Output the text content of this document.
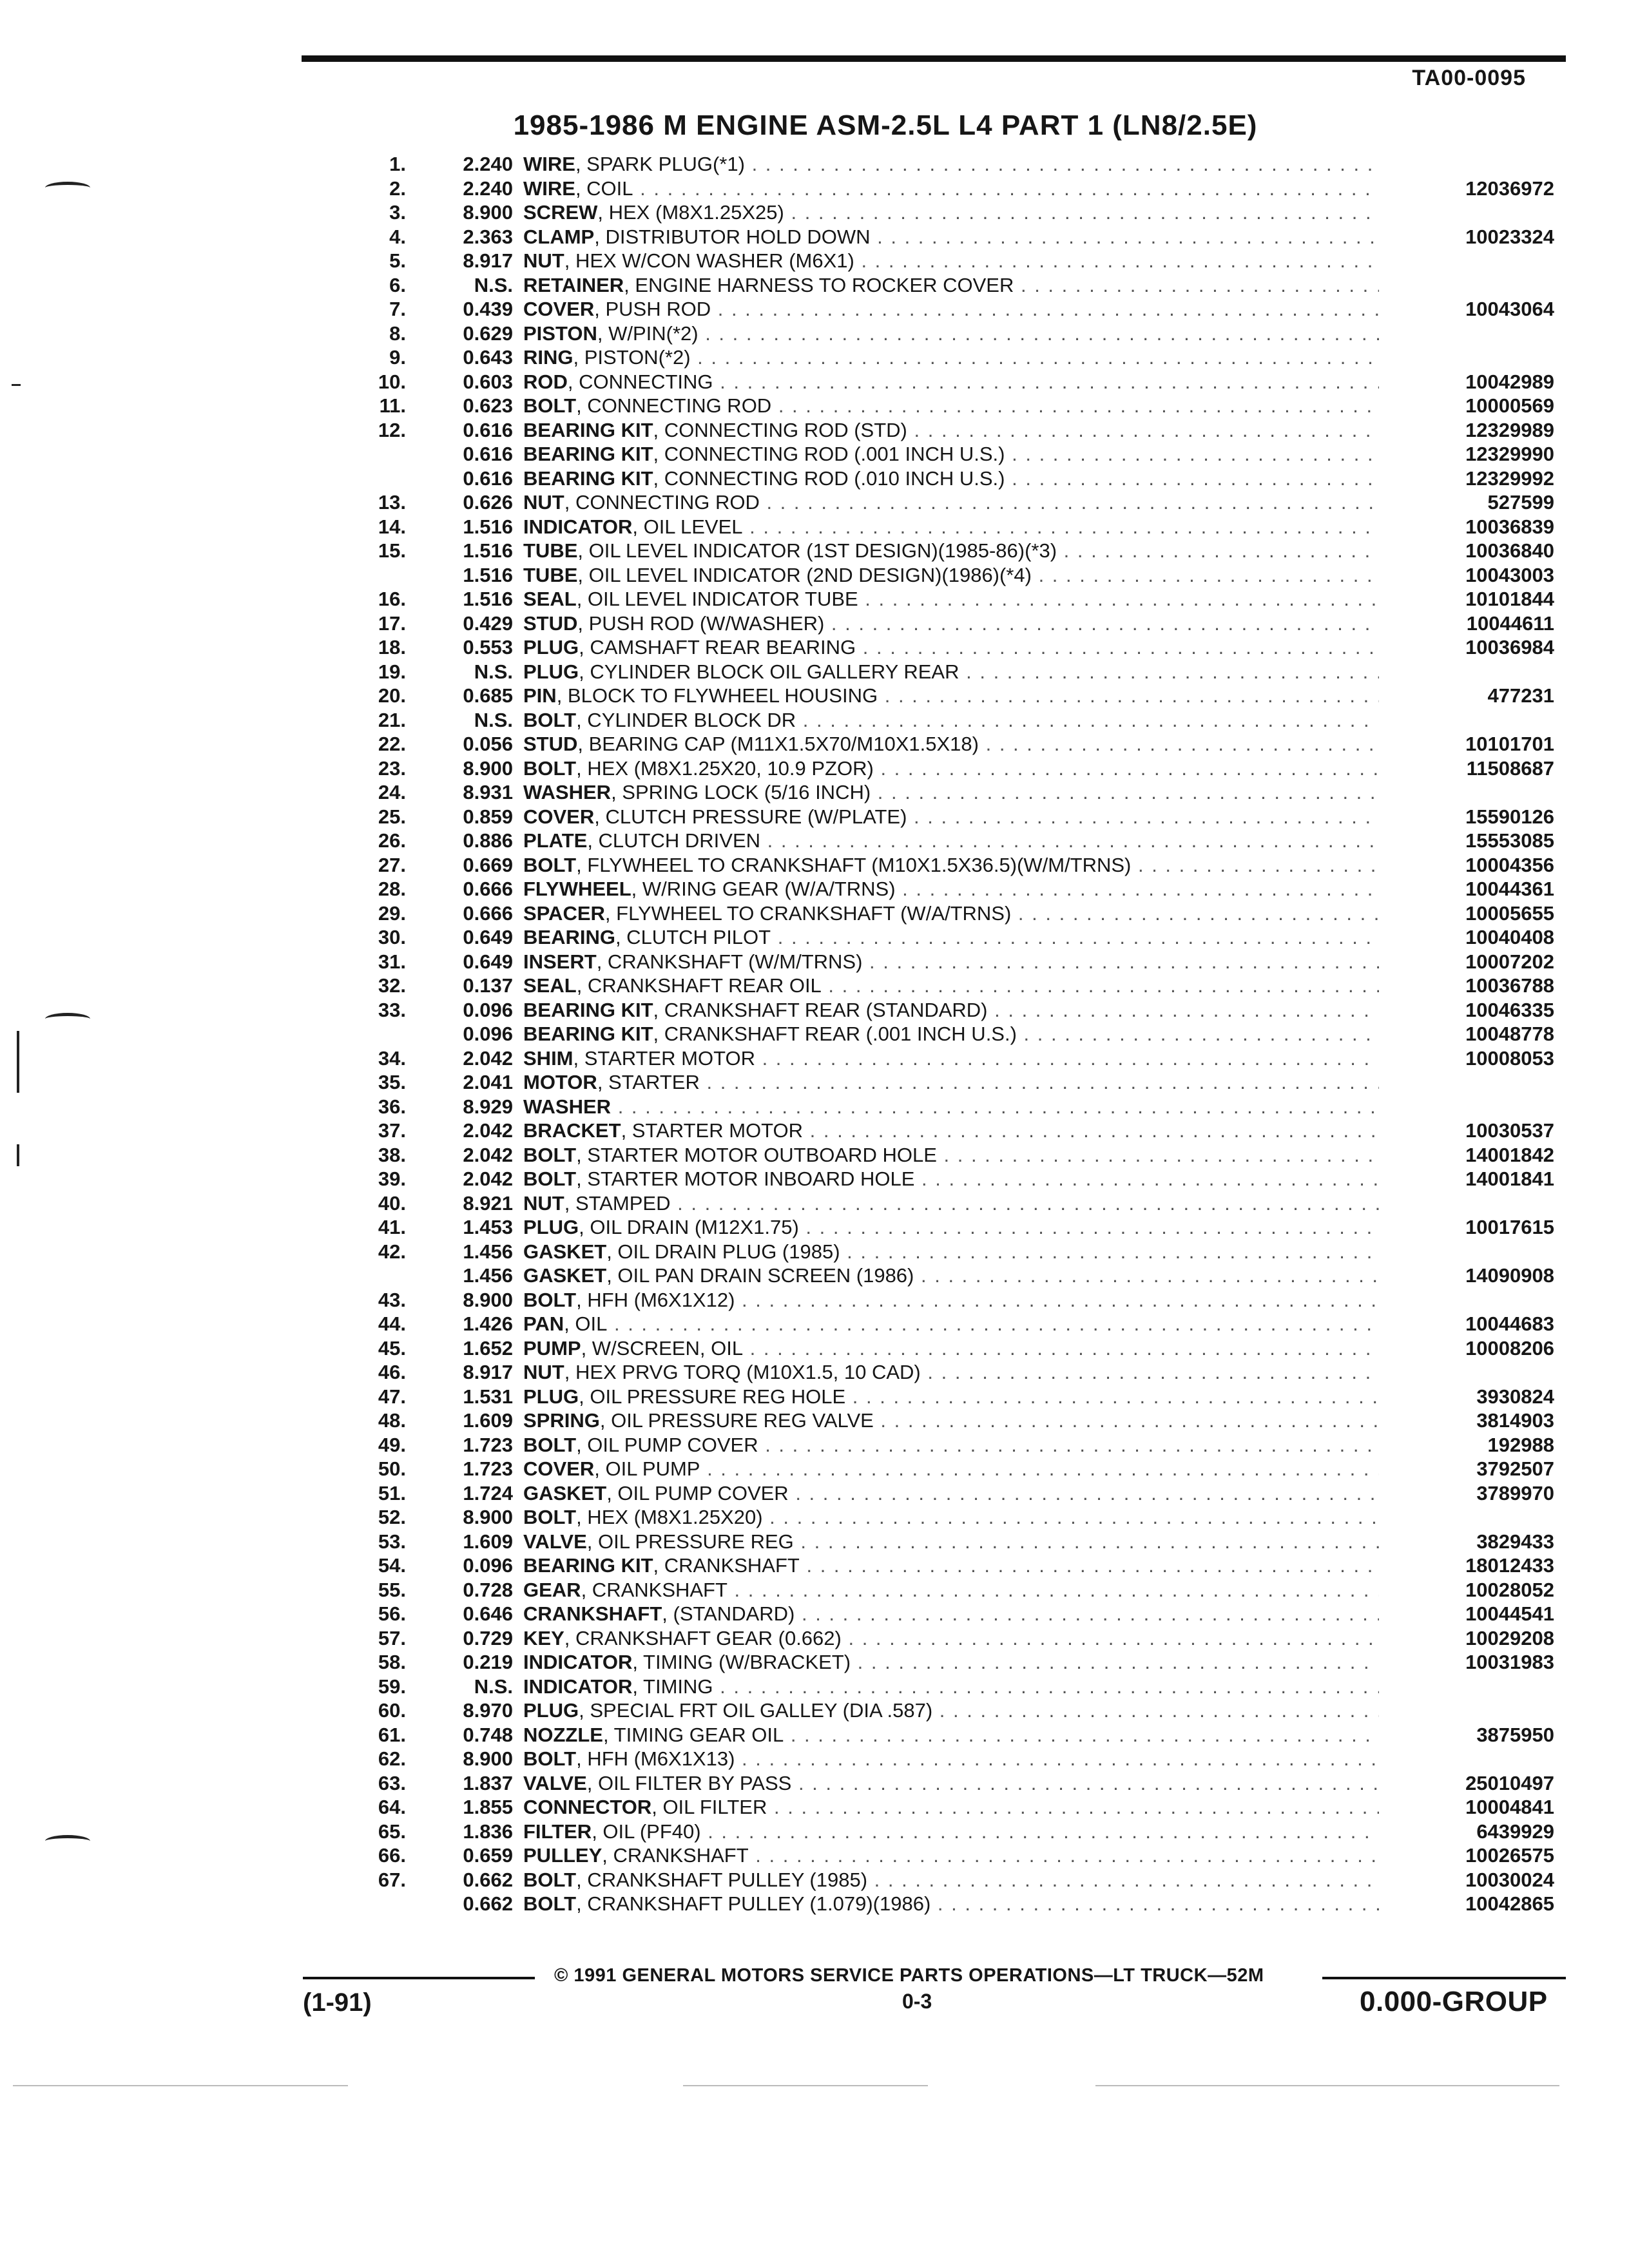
TA00-0095
1985-1986 M ENGINE ASM-2.5L L4 PART 1 (LN8/2.5E)
1.	2.240 WIRE, SPARK PLUG(*1) . . .
2.	2.240 WIRE, COIL . . .	12036972
3.	8.900 SCREW, HEX (M8X1.25X25) . . .
4.	2.363 CLAMP, DISTRIBUTOR HOLD DOWN . . .	10023324
5.	8.917 NUT, HEX W/CON WASHER (M6X1) . . .
6.	N.S. RETAINER, ENGINE HARNESS TO ROCKER COVER . . .
7.	0.439 COVER, PUSH ROD . . .	10043064
8.	0.629 PISTON, W/PIN(*2) . . .
9.	0.643 RING, PISTON(*2) . . .
10.	0.603 ROD, CONNECTING . . .	10042989
11.	0.623 BOLT, CONNECTING ROD . . .	10000569
12.	0.616 BEARING KIT, CONNECTING ROD (STD) . . .	12329989
0.616 BEARING KIT, CONNECTING ROD (.001 INCH U.S.) . . .	12329990
0.616 BEARING KIT, CONNECTING ROD (.010 INCH U.S.) . . .	12329992
13.	0.626 NUT, CONNECTING ROD . . .	527599
14.	1.516 INDICATOR, OIL LEVEL . . .	10036839
15.	1.516 TUBE, OIL LEVEL INDICATOR (1ST DESIGN)(1985-86)(*3) . . .	10036840
1.516 TUBE, OIL LEVEL INDICATOR (2ND DESIGN)(1986)(*4) . . .	10043003
16.	1.516 SEAL, OIL LEVEL INDICATOR TUBE . . .	10101844
17.	0.429 STUD, PUSH ROD (W/WASHER) . . .	10044611
18.	0.553 PLUG, CAMSHAFT REAR BEARING . . .	10036984
19.	N.S. PLUG, CYLINDER BLOCK OIL GALLERY REAR . . .
20.	0.685 PIN, BLOCK TO FLYWHEEL HOUSING . . .	477231
21.	N.S. BOLT, CYLINDER BLOCK DR . . .
22.	0.056 STUD, BEARING CAP (M11X1.5X70/M10X1.5X18) . . .	10101701
23.	8.900 BOLT, HEX (M8X1.25X20, 10.9 PZOR) . . .	11508687
24.	8.931 WASHER, SPRING LOCK (5/16 INCH) . . .
25.	0.859 COVER, CLUTCH PRESSURE (W/PLATE) . . .	15590126
26.	0.886 PLATE, CLUTCH DRIVEN . . .	15553085
27.	0.669 BOLT, FLYWHEEL TO CRANKSHAFT (M10X1.5X36.5)(W/M/TRNS) . . .	10004356
28.	0.666 FLYWHEEL, W/RING GEAR (W/A/TRNS) . . .	10044361
29.	0.666 SPACER, FLYWHEEL TO CRANKSHAFT (W/A/TRNS) . . .	10005655
30.	0.649 BEARING, CLUTCH PILOT . . .	10040408
31.	0.649 INSERT, CRANKSHAFT (W/M/TRNS) . . .	10007202
32.	0.137 SEAL, CRANKSHAFT REAR OIL . . .	10036788
33.	0.096 BEARING KIT, CRANKSHAFT REAR (STANDARD) . . .	10046335
0.096 BEARING KIT, CRANKSHAFT REAR (.001 INCH U.S.) . . .	10048778
34.	2.042 SHIM, STARTER MOTOR . . .	10008053
35.	2.041 MOTOR, STARTER . . .
36.	8.929 WASHER . . .
37.	2.042 BRACKET, STARTER MOTOR . . .	10030537
38.	2.042 BOLT, STARTER MOTOR OUTBOARD HOLE . . .	14001842
39.	2.042 BOLT, STARTER MOTOR INBOARD HOLE . . .	14001841
40.	8.921 NUT, STAMPED . . .
41.	1.453 PLUG, OIL DRAIN (M12X1.75) . . .	10017615
42.	1.456 GASKET, OIL DRAIN PLUG (1985) . . .
1.456 GASKET, OIL PAN DRAIN SCREEN (1986) . . .	14090908
43.	8.900 BOLT, HFH (M6X1X12) . . .
44.	1.426 PAN, OIL . . .	10044683
45.	1.652 PUMP, W/SCREEN, OIL . . .	10008206
46.	8.917 NUT, HEX PRVG TORQ (M10X1.5, 10 CAD) . . .
47.	1.531 PLUG, OIL PRESSURE REG HOLE . . .	3930824
48.	1.609 SPRING, OIL PRESSURE REG VALVE . . .	3814903
49.	1.723 BOLT, OIL PUMP COVER . . .	192988
50.	1.723 COVER, OIL PUMP . . .	3792507
51.	1.724 GASKET, OIL PUMP COVER . . .	3789970
52.	8.900 BOLT, HEX (M8X1.25X20) . . .
53.	1.609 VALVE, OIL PRESSURE REG . . .	3829433
54.	0.096 BEARING KIT, CRANKSHAFT . . .	18012433
55.	0.728 GEAR, CRANKSHAFT . . .	10028052
56.	0.646 CRANKSHAFT, (STANDARD) . . .	10044541
57.	0.729 KEY, CRANKSHAFT GEAR (0.662) . . .	10029208
58.	0.219 INDICATOR, TIMING (W/BRACKET) . . .	10031983
59.	N.S. INDICATOR, TIMING . . .
60.	8.970 PLUG, SPECIAL FRT OIL GALLEY (DIA .587) . . .
61.	0.748 NOZZLE, TIMING GEAR OIL . . .	3875950
62.	8.900 BOLT, HFH (M6X1X13) . . .
63.	1.837 VALVE, OIL FILTER BY PASS . . .	25010497
64.	1.855 CONNECTOR, OIL FILTER . . .	10004841
65.	1.836 FILTER, OIL (PF40) . . .	6439929
66.	0.659 PULLEY, CRANKSHAFT . . .	10026575
67.	0.662 BOLT, CRANKSHAFT PULLEY (1985) . . .	10030024
0.662 BOLT, CRANKSHAFT PULLEY (1.079)(1986) . . .	10042865
© 1991 GENERAL MOTORS SERVICE PARTS OPERATIONS—LT TRUCK—52M
(1-91)	0-3	0.000-GROUP
